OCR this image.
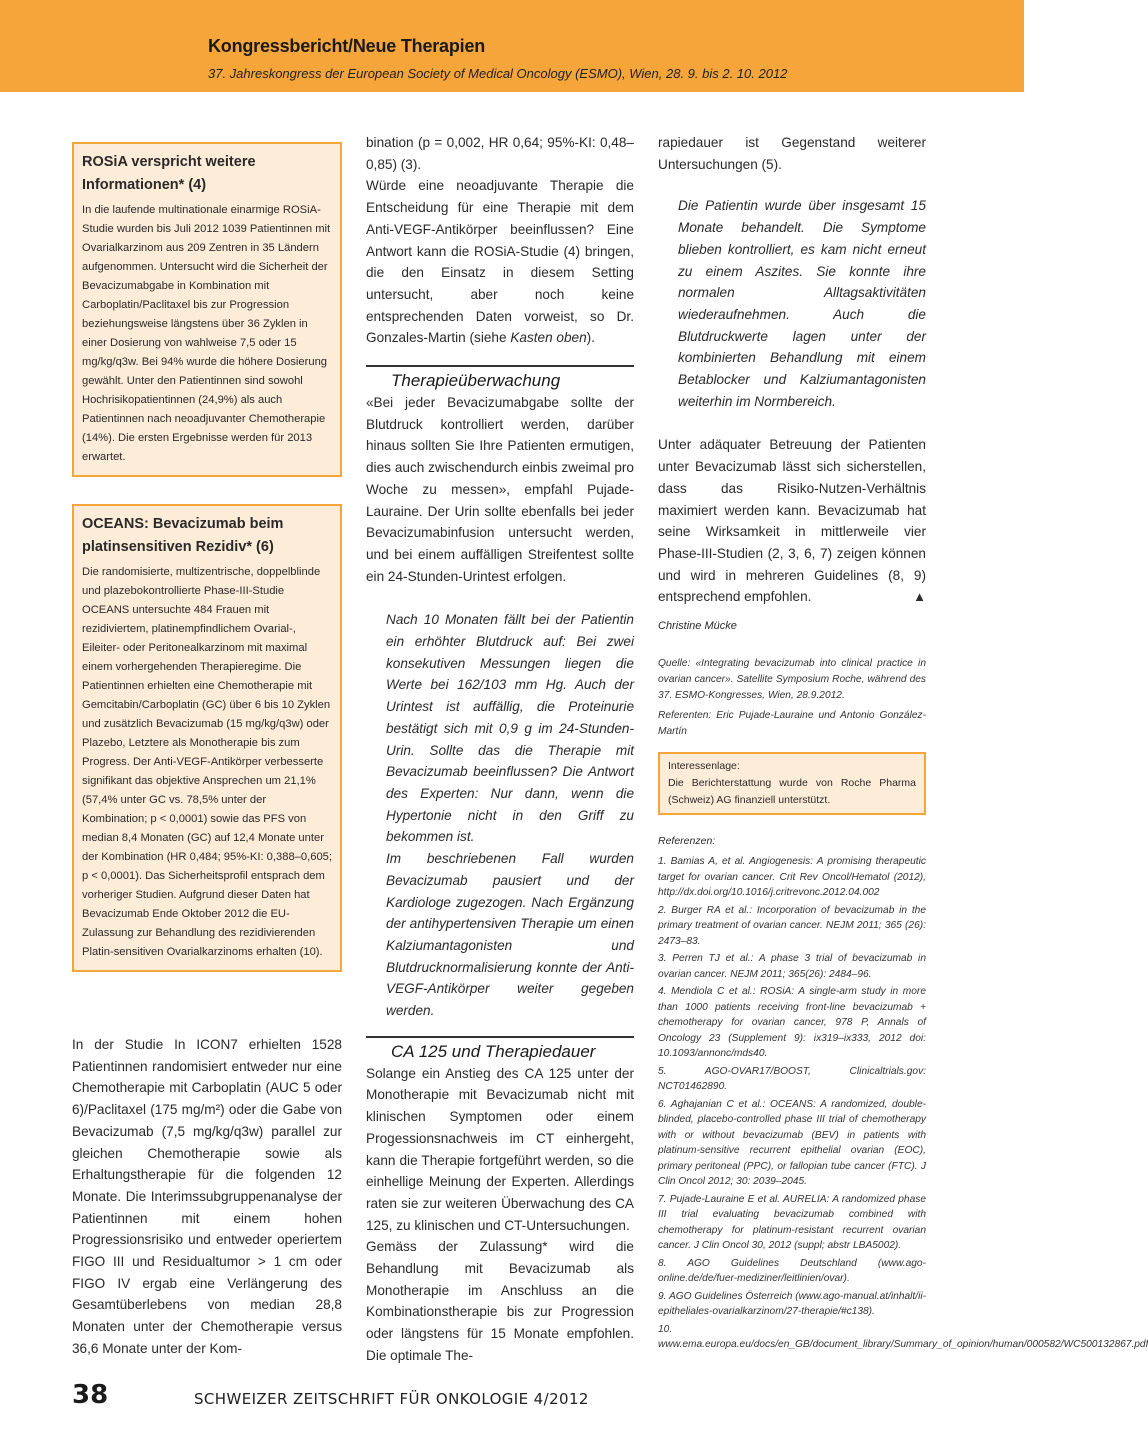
Kongressbericht/Neue Therapien
37. Jahreskongress der European Society of Medical Oncology (ESMO), Wien, 28. 9. bis 2. 10. 2012
ROSiA verspricht weitere Informationen* (4)

In die laufende multinationale einarmige ROSiA-Studie wurden bis Juli 2012 1039 Patientinnen mit Ovarialkarzinom aus 209 Zentren in 35 Ländern aufgenommen. Untersucht wird die Sicherheit der Bevacizumabgabe in Kombination mit Carboplatin/Paclitaxel bis zur Progression beziehungsweise längstens über 36 Zyklen in einer Dosierung von wahlweise 7,5 oder 15 mg/kg/q3w. Bei 94% wurde die höhere Dosierung gewählt. Unter den Patientinnen sind sowohl Hochrisikopatientinnen (24,9%) als auch Patientinnen nach neoadjuvanter Chemotherapie (14%). Die ersten Ergebnisse werden für 2013 erwartet.

OCEANS: Bevacizumab beim platinsensitiven Rezidiv* (6)

Die randomisierte, multizentrische, doppelblinde und plazebokontrollierte Phase-III-Studie OCEANS untersuchte 484 Frauen mit rezidiviertem, platinempfindlichem Ovarial-, Eileiter- oder Peritonealkarzinom mit maximal einem vorhergehenden Therapieregime. Die Patientinnen erhielten eine Chemotherapie mit Gemcitabin/Carboplatin (GC) über 6 bis 10 Zyklen und zusätzlich Bevacizumab (15 mg/kg/q3w) oder Plazebo, Letztere als Monotherapie bis zum Progress. Der Anti-VEGF-Antikörper verbesserte signifikant das objektive Ansprechen um 21,1% (57,4% unter GC vs. 78,5% unter der Kombination; p < 0,0001) sowie das PFS von median 8,4 Monaten (GC) auf 12,4 Monate unter der Kombination (HR 0,484; 95%-KI: 0,388–0,605; p < 0,0001). Das Sicherheitsprofil entsprach dem vorheriger Studien. Aufgrund dieser Daten hat Bevacizumab Ende Oktober 2012 die EU-Zulassung zur Behandlung des rezidivierenden Platin-sensitiven Ovarialkarzinoms erhalten (10).

In der Studie In ICON7 erhielten 1528 Patientinnen randomisiert entweder nur eine Chemotherapie mit Carboplatin (AUC 5 oder 6)/Paclitaxel (175 mg/m²) oder die Gabe von Bevacizumab (7,5 mg/kg/q3w) parallel zur gleichen Chemotherapie sowie als Erhaltungstherapie für die folgenden 12 Monate. Die Interimssubgruppenanalyse der Patientinnen mit einem hohen Progressionsrisiko und entweder operiertem FIGO III und Residualtumor > 1 cm oder FIGO IV ergab eine Verlängerung des Gesamtüberlebens von median 28,8 Monaten unter der Chemotherapie versus 36,6 Monate unter der Kom-

bination (p = 0,002, HR 0,64; 95%-KI: 0,48–0,85) (3).

Würde eine neoadjuvante Therapie die Entscheidung für eine Therapie mit dem Anti-VEGF-Antikörper beeinflussen? Eine Antwort kann die ROSiA-Studie (4) bringen, die den Einsatz in diesem Setting untersucht, aber noch keine entsprechenden Daten vorweist, so Dr. Gonzales-Martin (siehe Kasten oben).

Therapieüberwachung

«Bei jeder Bevacizumabgabe sollte der Blutdruck kontrolliert werden, darüber hinaus sollten Sie Ihre Patienten ermutigen, dies auch zwischendurch einbis zweimal pro Woche zu messen», empfahl Pujade-Lauraine. Der Urin sollte ebenfalls bei jeder Bevacizumabinfusion untersucht werden, und bei einem auffälligen Streifentest sollte ein 24-Stunden-Urintest erfolgen.

Nach 10 Monaten fällt bei der Patientin ein erhöhter Blutdruck auf: Bei zwei konsekutiven Messungen liegen die Werte bei 162/103 mm Hg. Auch der Urintest ist auffällig, die Proteinurie bestätigt sich mit 0,9 g im 24-Stunden-Urin. Sollte das die Therapie mit Bevacizumab beeinflussen? Die Antwort des Experten: Nur dann, wenn die Hypertonie nicht in den Griff zu bekommen ist.

Im beschriebenen Fall wurden Bevacizumab pausiert und der Kardiologe zugezogen. Nach Ergänzung der antihypertensiven Therapie um einen Kalziumantagonisten und Blutdrucknormalisierung konnte der Anti-VEGF-Antikörper weiter gegeben werden.

CA 125 und Therapiedauer

Solange ein Anstieg des CA 125 unter der Monotherapie mit Bevacizumab nicht mit klinischen Symptomen oder einem Progessionsnachweis im CT einhergeht, kann die Therapie fortgeführt werden, so die einhellige Meinung der Experten. Allerdings raten sie zur weiteren Überwachung des CA 125, zu klinischen und CT-Untersuchungen.

Gemäss der Zulassung* wird die Behandlung mit Bevacizumab als Monotherapie im Anschluss an die Kombinationstherapie bis zur Progression oder längstens für 15 Monate empfohlen. Die optimale The-

rapiedauer ist Gegenstand weiterer Untersuchungen (5).

Die Patientin wurde über insgesamt 15 Monate behandelt. Die Symptome blieben kontrolliert, es kam nicht erneut zu einem Aszites. Sie konnte ihre normalen Alltagsaktivitäten wiederaufnehmen. Auch die Blutdruckwerte lagen unter der kombinierten Behandlung mit einem Betablocker und Kalziumantagonisten weiterhin im Normbereich.

Unter adäquater Betreuung der Patienten unter Bevacizumab lässt sich sicherstellen, dass das Risiko-Nutzen-Verhältnis maximiert werden kann. Bevacizumab hat seine Wirksamkeit in mittlerweile vier Phase-III-Studien (2, 3, 6, 7) zeigen können und wird in mehreren Guidelines (8, 9) entsprechend empfohlen.	▲

Christine Mücke

Quelle: «Integrating bevacizumab into clinical practice in ovarian cancer». Satellite Symposium Roche, während des 37. ESMO-Kongresses, Wien, 28.9.2012.

Referenten: Eric Pujade-Lauraine und Antonio González-Martín

Interessenlage:

Die Berichterstattung wurde von Roche Pharma (Schweiz) AG finanziell unterstützt.

Referenzen:
1. Bamias A, et al. Angiogenesis: A promising therapeutic target for ovarian cancer. Crit Rev Oncol/Hematol (2012), http://dx.doi.org/10.1016/j.critrevonc.2012.04.002
2. Burger RA et al.: Incorporation of bevacizumab in the primary treatment of ovarian cancer. NEJM 2011; 365 (26): 2473–83.
3. Perren TJ et al.: A phase 3 trial of bevacizumab in ovarian cancer. NEJM 2011; 365(26): 2484–96.
4. Mendiola C et al.: ROSiA: A single-arm study in more than 1000 patients receiving front-line bevacizumab + chemotherapy for ovarian cancer, 978 P, Annals of Oncology 23 (Supplement 9): ix319–ix333, 2012 doi: 10.1093/annonc/mds40.
5. AGO-OVAR17/BOOST, Clinicaltrials.gov: NCT01462890.
6. Aghajanian C et al.: OCEANS: A randomized, double-blinded, placebo-controlled phase III trial of chemotherapy with or without bevacizumab (BEV) in patients with platinum-sensitive recurrent epithelial ovarian (EOC), primary peritoneal (PPC), or fallopian tube cancer (FTC). J Clin Oncol 2012; 30: 2039–2045.
7. Pujade-Lauraine E et al. AURELIA: A randomized phase III trial evaluating bevacizumab combined with chemotherapy for platinum-resistant recurrent ovarian cancer. J Clin Oncol 30, 2012 (suppl; abstr LBA5002).
8. AGO Guidelines Deutschland (www.ago-online.de/de/fuer-mediziner/leitlinien/ovar).
9. AGO Guidelines Österreich (www.ago-manual.at/inhalt/ii-epitheliales-ovarialkarzinom/27-therapie/#c138).
10. www.ema.europa.eu/docs/en_GB/document_library/Summary_of_opinion/human/000582/WC500132867.pdf
38	SCHWEIZER ZEITSCHRIFT FÜR ONKOLOGIE 4/2012
